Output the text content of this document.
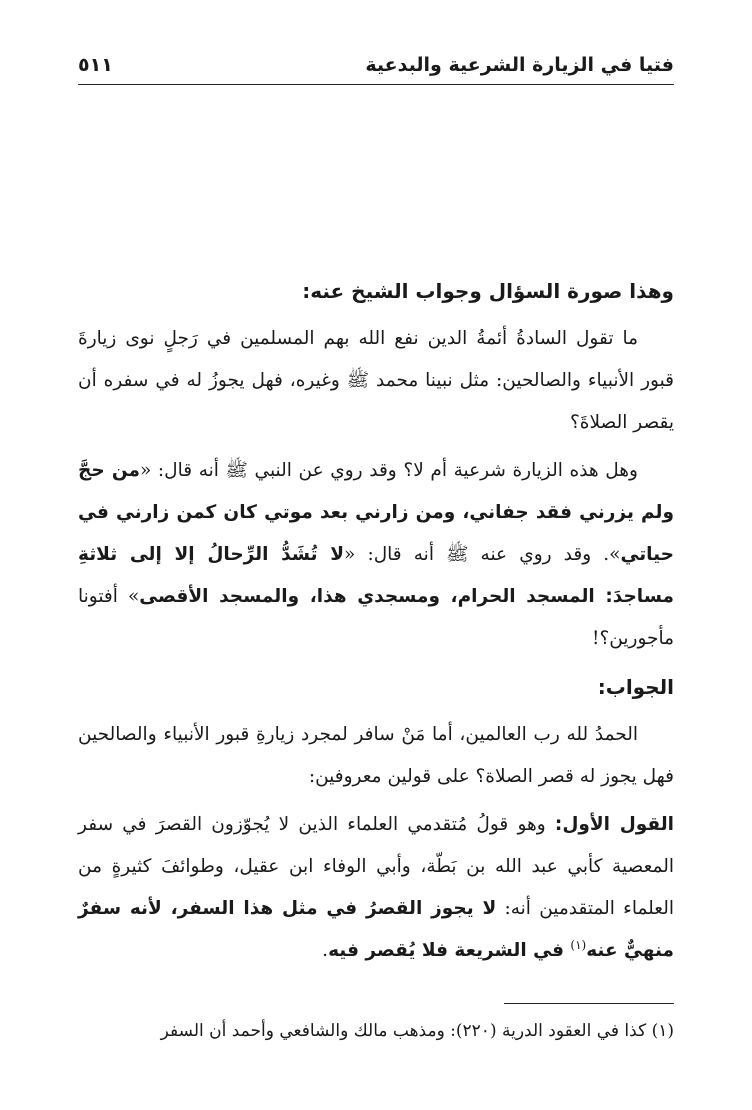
فتيا في الزيارة الشرعية والبدعية
٥١١

وهذا صورة السؤال وجواب الشيخ عنه:

ما تقول السادةُ أئمةُ الدين نفع الله بهم المسلمين في رَجلٍ نوى زيارةَ قبور الأنبياء والصالحين: مثل نبينا محمد ﷺ وغيره، فهل يجوزُ له في سفره أن يقصر الصلاةَ؟

وهل هذه الزيارة شرعية أم لا؟ وقد روي عن النبي ﷺ أنه قال: «من حجَّ ولم يزرني فقد جفاني، ومن زارني بعد موتي كان كمن زارني في حياتي». وقد روي عنه ﷺ أنه قال: «لا تُشَدُّ الرِّحالُ إلا إلى ثلاثةِ مساجدَ: المسجد الحرام، ومسجدي هذا، والمسجد الأقصى» أفتونا مأجورين؟!

الجواب:

الحمدُ لله رب العالمين، أما مَنْ سافر لمجرد زيارةِ قبور الأنبياء والصالحين فهل يجوز له قصر الصلاة؟ على قولين معروفين:

القول الأول: وهو قولُ مُتقدمي العلماء الذين لا يُجوّزون القصرَ في سفر المعصية كأبي عبد الله بن بَطّة، وأبي الوفاء ابن عقيل، وطوائفَ كثيرةٍ من العلماء المتقدمين أنه: لا يجوز القصرُ في مثل هذا السفر، لأنه سفرٌ منهيٌّ عنه$^{(١)}$ في الشريعة فلا يُقصر فيه.

(١) كذا في العقود الدرية (٢٢٠): ومذهب مالك والشافعي وأحمد أن السفر
